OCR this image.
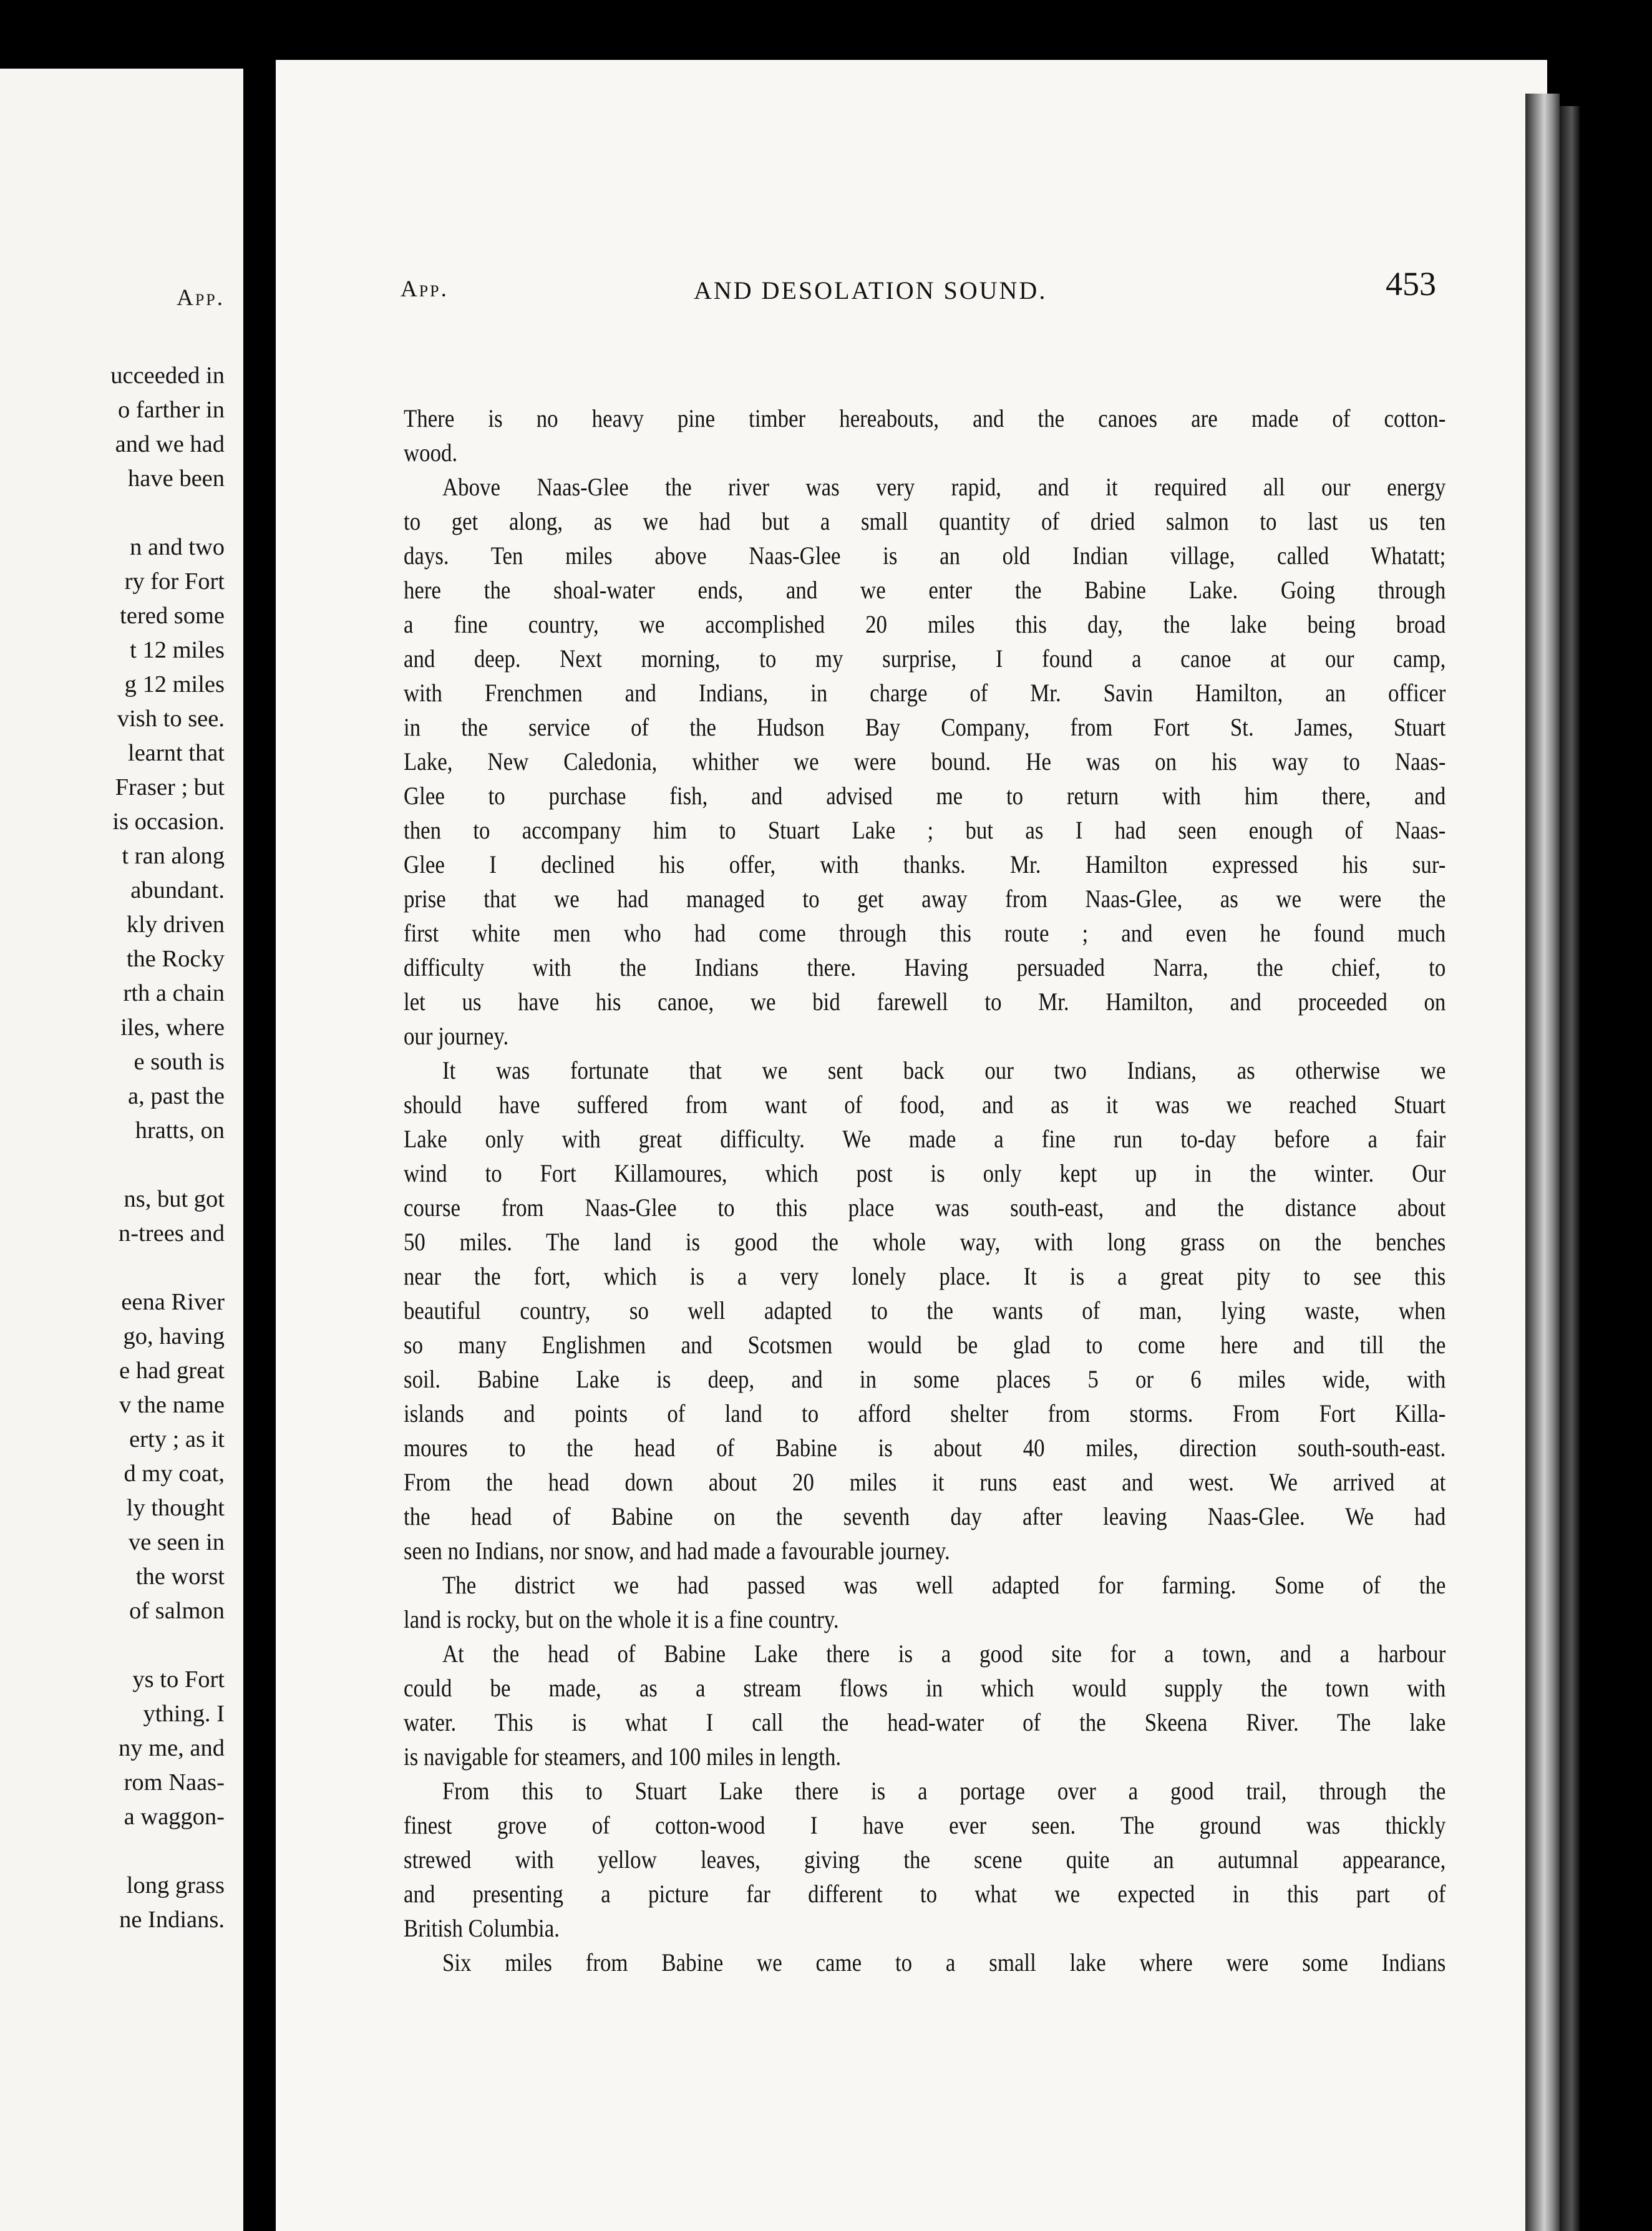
App.
ucceeded in
o farther in
and we had
have been
n and two
ry for Fort
tered some
t 12 miles
g 12 miles
vish to see.
learnt that
Fraser ; but
is occasion.
t ran along
abundant.
kly driven
the Rocky
rth a chain
iles, where
e south is
a, past the
hratts, on
ns, but got
n-trees and
eena River
go, having
e had great
v the name
erty ; as it
d my coat,
ly thought
ve seen in
the worst
of salmon
ys to Fort
ything. I
ny me, and
rom Naas-
a waggon-
long grass
ne Indians.
App.	AND DESOLATION SOUND.	453
There is no heavy pine timber hereabouts, and the canoes are made of cotton-
wood.
Above Naas-Glee the river was very rapid, and it required all our energy
to get along, as we had but a small quantity of dried salmon to last us ten
days. Ten miles above Naas-Glee is an old Indian village, called Whatatt;
here the shoal-water ends, and we enter the Babine Lake. Going through
a fine country, we accomplished 20 miles this day, the lake being broad
and deep. Next morning, to my surprise, I found a canoe at our camp,
with Frenchmen and Indians, in charge of Mr. Savin Hamilton, an officer
in the service of the Hudson Bay Company, from Fort St. James, Stuart
Lake, New Caledonia, whither we were bound. He was on his way to Naas-
Glee to purchase fish, and advised me to return with him there, and
then to accompany him to Stuart Lake ; but as I had seen enough of Naas-
Glee I declined his offer, with thanks. Mr. Hamilton expressed his sur-
prise that we had managed to get away from Naas-Glee, as we were the
first white men who had come through this route ; and even he found much
difficulty with the Indians there. Having persuaded Narra, the chief, to
let us have his canoe, we bid farewell to Mr. Hamilton, and proceeded on
our journey.
It was fortunate that we sent back our two Indians, as otherwise we
should have suffered from want of food, and as it was we reached Stuart
Lake only with great difficulty. We made a fine run to-day before a fair
wind to Fort Killamoures, which post is only kept up in the winter. Our
course from Naas-Glee to this place was south-east, and the distance about
50 miles. The land is good the whole way, with long grass on the benches
near the fort, which is a very lonely place. It is a great pity to see this
beautiful country, so well adapted to the wants of man, lying waste, when
so many Englishmen and Scotsmen would be glad to come here and till the
soil. Babine Lake is deep, and in some places 5 or 6 miles wide, with
islands and points of land to afford shelter from storms. From Fort Killa-
moures to the head of Babine is about 40 miles, direction south-south-east.
From the head down about 20 miles it runs east and west. We arrived at
the head of Babine on the seventh day after leaving Naas-Glee. We had
seen no Indians, nor snow, and had made a favourable journey.
The district we had passed was well adapted for farming. Some of the
land is rocky, but on the whole it is a fine country.
At the head of Babine Lake there is a good site for a town, and a harbour
could be made, as a stream flows in which would supply the town with
water. This is what I call the head-water of the Skeena River. The lake
is navigable for steamers, and 100 miles in length.
From this to Stuart Lake there is a portage over a good trail, through the
finest grove of cotton-wood I have ever seen. The ground was thickly
strewed with yellow leaves, giving the scene quite an autumnal appearance,
and presenting a picture far different to what we expected in this part of
British Columbia.
Six miles from Babine we came to a small lake where were some Indians
